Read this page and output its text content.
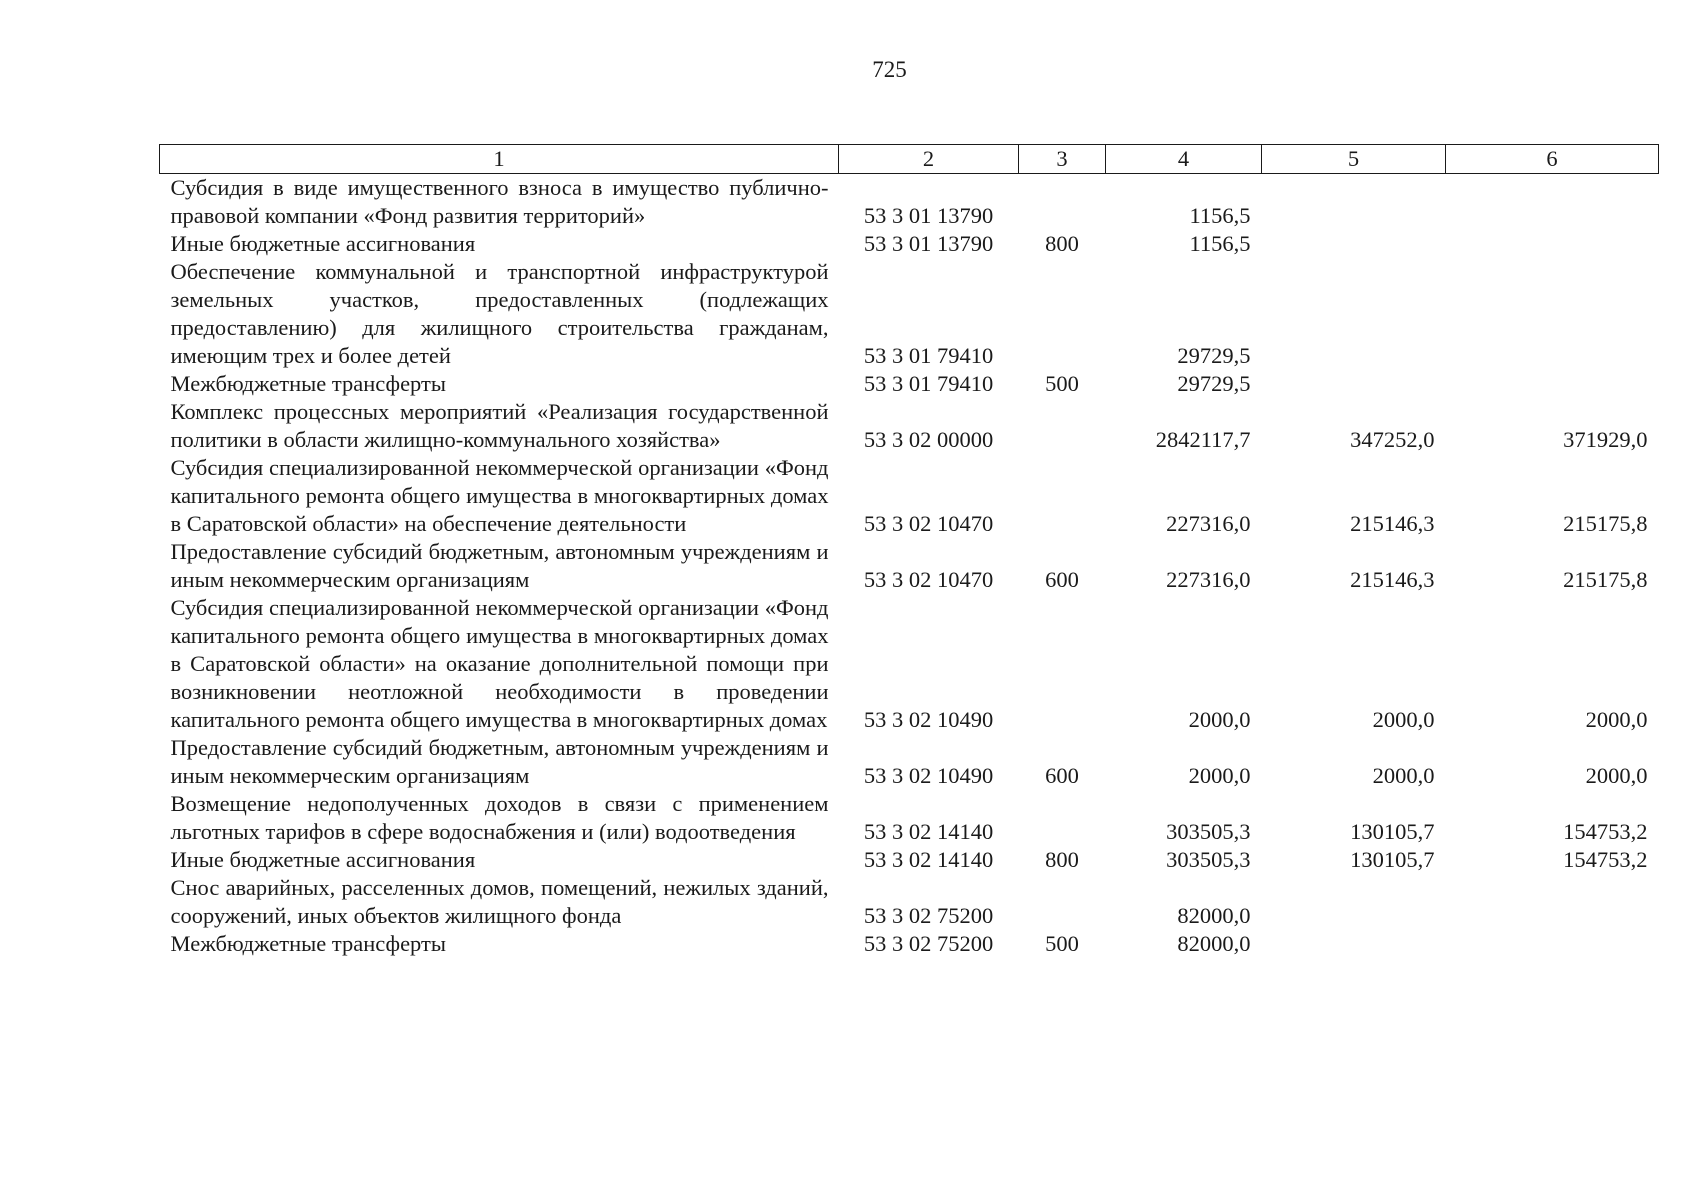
725
1	2	3	4	5	6
Субсидия в виде имущественного взноса в имущество публично-правовой компании «Фонд развития территорий»	53 3 01 13790		1156,5		
Иные бюджетные ассигнования	53 3 01 13790	800	1156,5		
Обеспечение коммунальной и транспортной инфраструктурой земельных участков, предоставленных (подлежащих предоставлению) для жилищного строительства гражданам, имеющим трех и более детей	53 3 01 79410		29729,5		
Межбюджетные трансферты	53 3 01 79410	500	29729,5		
Комплекс процессных мероприятий «Реализация государственной политики в области жилищно-коммунального хозяйства»	53 3 02 00000		2842117,7	347252,0	371929,0
Субсидия специализированной некоммерческой организации «Фонд капитального ремонта общего имущества в многоквартирных домах в Саратовской области» на обеспечение деятельности	53 3 02 10470		227316,0	215146,3	215175,8
Предоставление субсидий бюджетным, автономным учреждениям и иным некоммерческим организациям	53 3 02 10470	600	227316,0	215146,3	215175,8
Субсидия специализированной некоммерческой организации «Фонд капитального ремонта общего имущества в многоквартирных домах в Саратовской области» на оказание дополнительной помощи при возникновении неотложной необходимости в проведении капитального ремонта общего имущества в многоквартирных домах	53 3 02 10490		2000,0	2000,0	2000,0
Предоставление субсидий бюджетным, автономным учреждениям и иным некоммерческим организациям	53 3 02 10490	600	2000,0	2000,0	2000,0
Возмещение недополученных доходов в связи с применением льготных тарифов в сфере водоснабжения и (или) водоотведения	53 3 02 14140		303505,3	130105,7	154753,2
Иные бюджетные ассигнования	53 3 02 14140	800	303505,3	130105,7	154753,2
Снос аварийных, расселенных домов, помещений, нежилых зданий, сооружений, иных объектов жилищного фонда	53 3 02 75200		82000,0		
Межбюджетные трансферты	53 3 02 75200	500	82000,0		
